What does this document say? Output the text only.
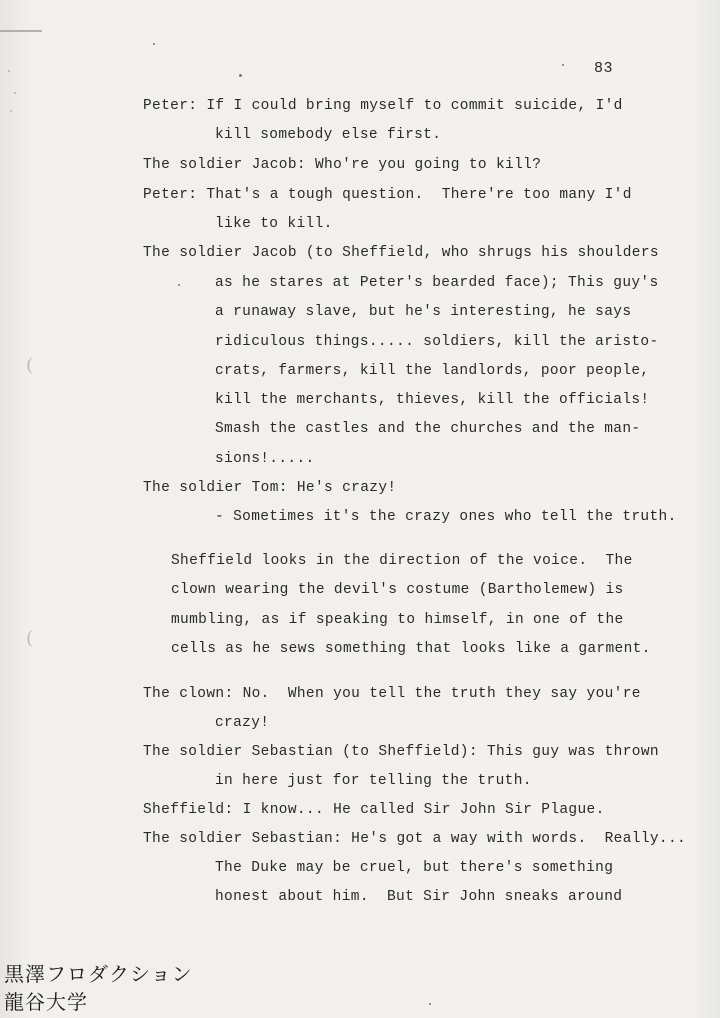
(
(
83
Peter: If I could bring myself to commit suicide, I'd
kill somebody else first.
The soldier Jacob: Who're you going to kill?
Peter: That's a tough question.  There're too many I'd
like to kill.
The soldier Jacob (to Sheffield, who shrugs his shoulders
as he stares at Peter's bearded face); This guy's
a runaway slave, but he's interesting, he says
ridiculous things..... soldiers, kill the aristo-
crats, farmers, kill the landlords, poor people,
kill the merchants, thieves, kill the officials!
Smash the castles and the churches and the man-
sions!.....
The soldier Tom: He's crazy!
- Sometimes it's the crazy ones who tell the truth.
Sheffield looks in the direction of the voice.  The
clown wearing the devil's costume (Bartholemew) is
mumbling, as if speaking to himself, in one of the
cells as he sews something that looks like a garment.
The clown: No.  When you tell the truth they say you're
crazy!
The soldier Sebastian (to Sheffield): This guy was thrown
in here just for telling the truth.
Sheffield: I know... He called Sir John Sir Plague.
The soldier Sebastian: He's got a way with words.  Really...
The Duke may be cruel, but there's something
honest about him.  But Sir John sneaks around
黒澤フロダクション
龍谷大学
